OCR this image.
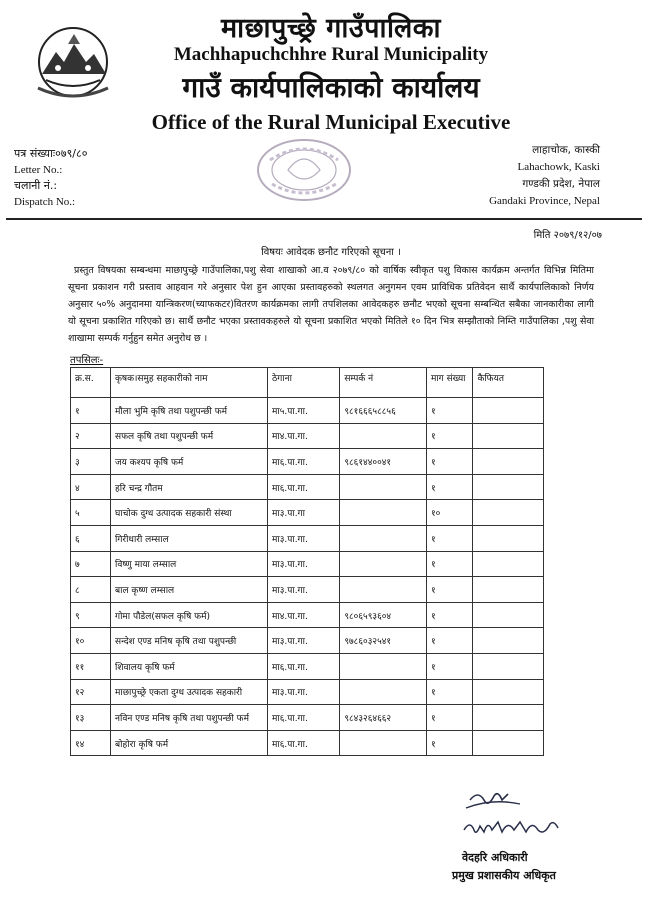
माछापुच्छ्रे गाउँपालिका
Machhapuchchhre Rural Municipality
गाउँ कार्यपालिकाको कार्यालय
Office of the Rural Municipal Executive
पत्र संख्याः०७९/८०
Letter No.:
चलानी नं.:
Dispatch No.:
लाहाचोक, कास्की
Lahachowk, Kaski
गण्डकी प्रदेश, नेपाल
Gandaki Province, Nepal
मिति २०७९/१२/०७
विषयः आवेदक छनौट गरिएको सूचना ।
प्रस्तुत विषयका सम्बन्धमा माछापुच्छ्रे गाउँपालिका,पशु सेवा शाखाको आ.व २०७९/८० को वार्षिक स्वीकृत पशु विकास कार्यक्रम अन्तर्गत विभिन्न मितिमा सूचना प्रकाशन गरी प्रस्ताव आहवान गरे अनुसार पेश हुन आएका प्रस्तावहरुको स्थलगत अनुगमन एवम प्राविधिक प्रतिवेदन सार्थै कार्यपालिकाको निर्णय अनुसार ५०% अनुदानमा यान्त्रिकरण(च्याफकटर)वितरण कार्यक्रमका लागी तपशिलका आवेदकहरु छनौट भएको सूचना सम्बन्धित सबैका जानकारीका लागी यो सूचना प्रकाशित गरिएको छ। सार्थै छनौट भएका प्रस्तावकहरुले यो सूचना प्रकाशित भएको मितिले १० दिन भित्र सम्झौताको निम्ति गाउँपालिका ,पशु सेवा शाखामा सम्पर्क गर्नुहुन समेत अनुरोध छ ।
तपसिलः-
क्र.स.	कृषक।समुह सहकारीको नाम	ठेगाना	सम्पर्क नं	माग संख्या	कैफियत
१	मौला भुमि कृषि तथा पशुपन्छी फर्म	मा५.पा.गा.	९८१६६६५८८५६	१	
२	सफल कृषि तथा पशुपन्छी फर्म	मा४.पा.गा.		१	
३	जय कश्यप कृषि फर्म	मा६.पा.गा.	९८६१४४००४१	१	
४	हरि चन्द्र गौतम	मा६.पा.गा.		१	
५	घाचोक दुग्ध उत्पादक सहकारी संस्था	मा३.पा.गा		१०	
६	गिरीधारी लम्साल	मा३.पा.गा.		१	
७	विष्णु माया लम्साल	मा३.पा.गा.		१	
८	बाल कृष्ण लम्साल	मा३.पा.गा.		१	
९	गोमा पौडेल(सफल कृषि फर्म)	मा४.पा.गा.	९८०६५९३६०४	१	
१०	सन्देश एण्ड मनिष कृषि तथा पशुपन्छी	मा३.पा.गा.	९७८६०३२५४१	१	
११	शिवालय कृषि फर्म	मा६.पा.गा.		१	
१२	माछापुच्छ्रे एकता दुग्ध उत्पादक सहकारी	मा३.पा.गा.		१	
१३	नविन एण्ड मनिष कृषि तथा पशुपन्छी फर्म	मा६.पा.गा.	९८४३२६४६६२	१	
१४	बोहोरा कृषि फर्म	मा६.पा.गा.		१	
वेदहरि अधिकारी
प्रमुख प्रशासकीय अधिकृत
